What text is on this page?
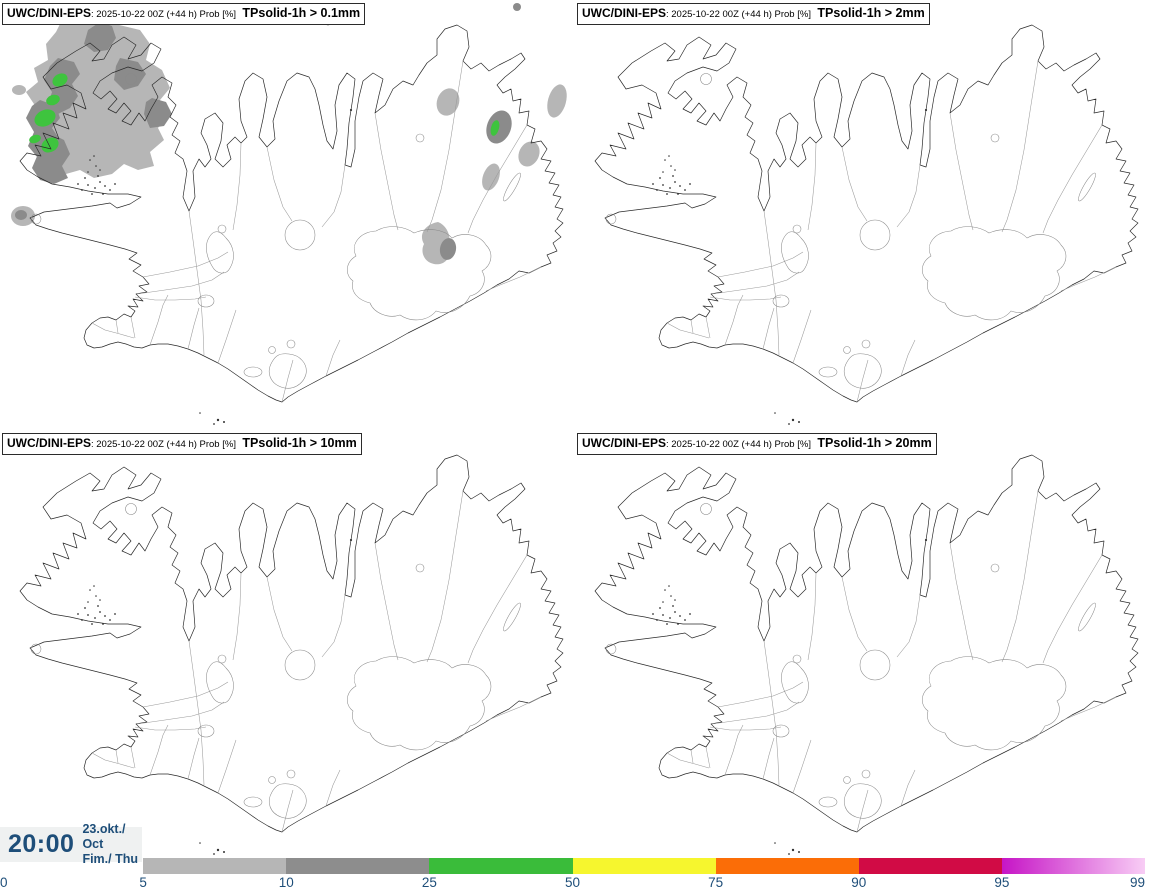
UWC/DINI-EPS: 2025-10-22 00Z (+44 h) Prob [%] TPsolid-1h > 0.1mm	UWC/DINI-EPS: 2025-10-22 00Z (+44 h) Prob [%] TPsolid-1h > 2mm
UWC/DINI-EPS: 2025-10-22 00Z (+44 h) Prob [%] TPsolid-1h > 10mm	UWC/DINI-EPS: 2025-10-22 00Z (+44 h) Prob [%] TPsolid-1h > 20mm
20:00
23.okt./ Oct
Fim./ Thu
0	5	10	25	50	75	90	95	99
